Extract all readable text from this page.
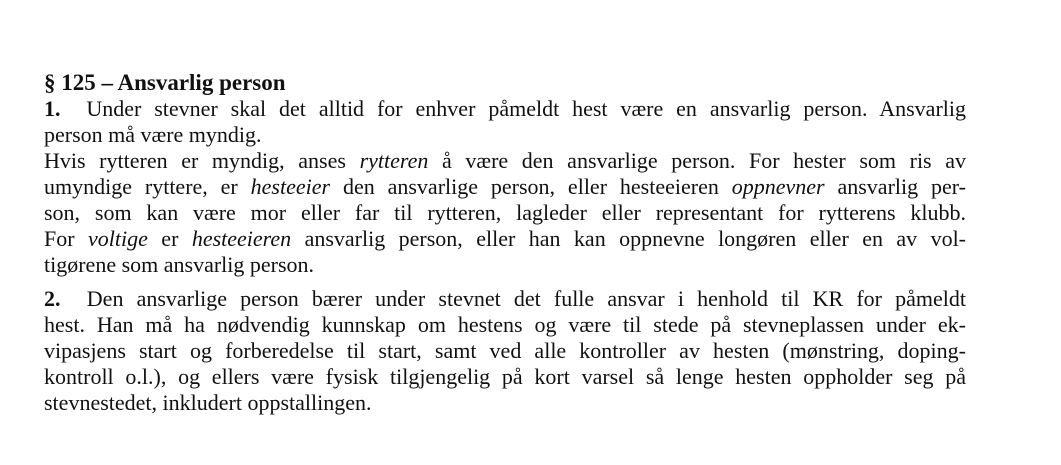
§ 125 – Ansvarlig person
1. Under stevner skal det alltid for enhver påmeldt hest være en ansvarlig person. Ansvarlig
person må være myndig.
Hvis rytteren er myndig, anses rytteren å være den ansvarlige person. For hester som ris av
umyndige ryttere, er hesteeier den ansvarlige person, eller hesteeieren oppnevner ansvarlig per-
son, som kan være mor eller far til rytteren, lagleder eller representant for rytterens klubb.
For voltige er hesteeieren ansvarlig person, eller han kan oppnevne longøren eller en av vol-
tigørene som ansvarlig person.
2. Den ansvarlige person bærer under stevnet det fulle ansvar i henhold til KR for påmeldt
hest. Han må ha nødvendig kunnskap om hestens og være til stede på stevneplassen under ek-
vipasjens start og forberedelse til start, samt ved alle kontroller av hesten (mønstring, doping-
kontroll o.l.), og ellers være fysisk tilgjengelig på kort varsel så lenge hesten oppholder seg på
stevnestedet, inkludert oppstallingen.
